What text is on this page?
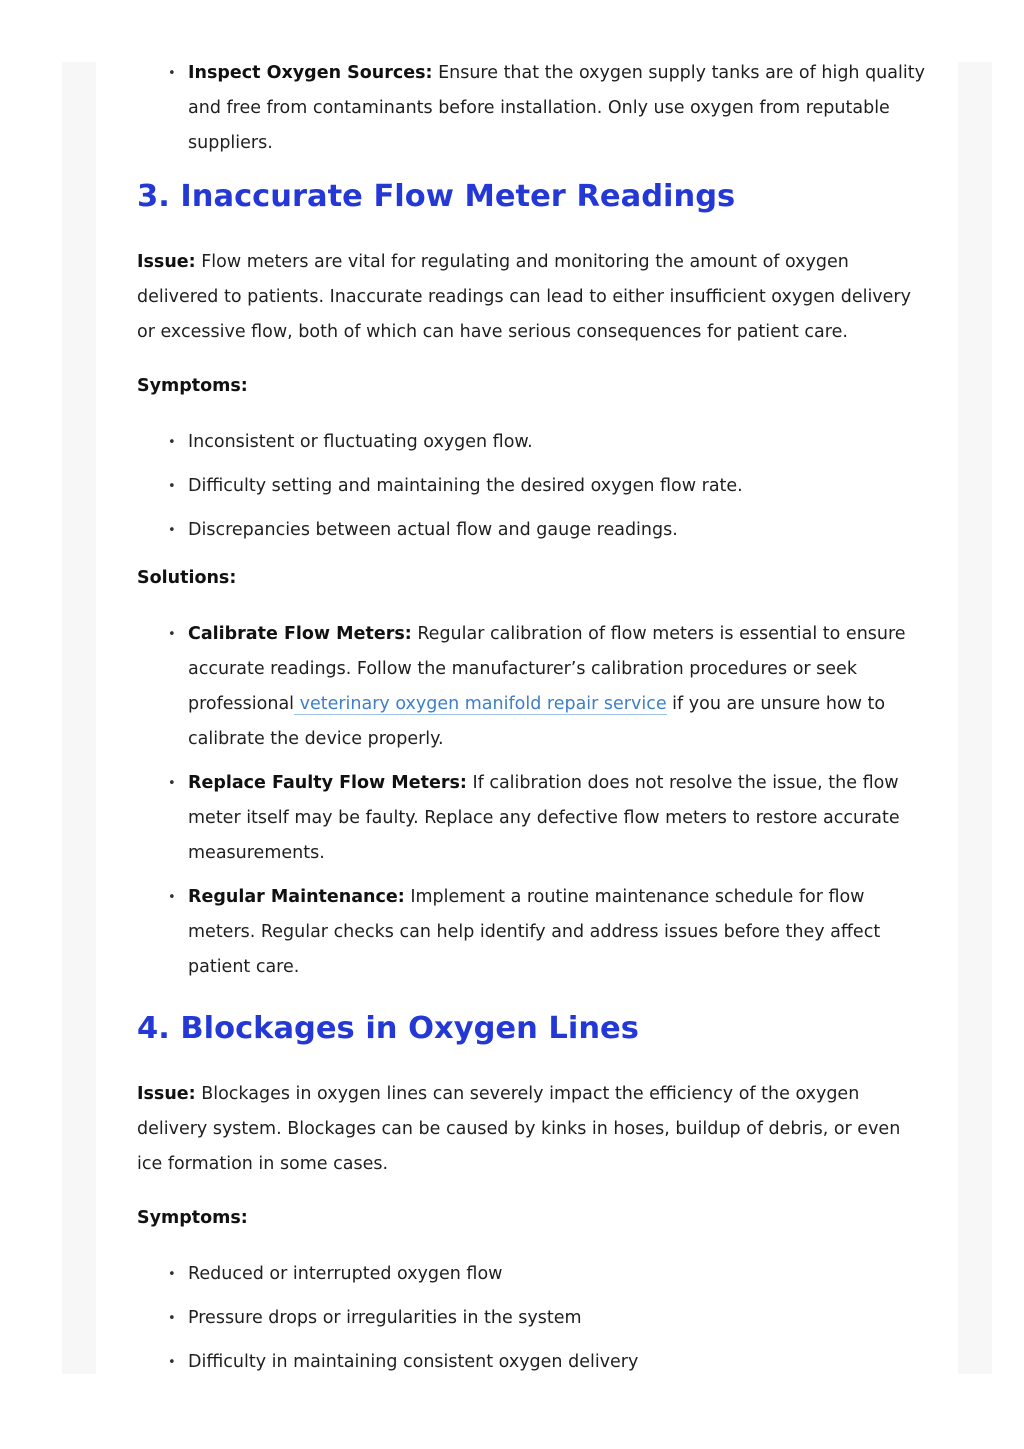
• Inspect Oxygen Sources: Ensure that the oxygen supply tanks are of high quality and free from contaminants before installation. Only use oxygen from reputable suppliers.
3. Inaccurate Flow Meter Readings

Issue: Flow meters are vital for regulating and monitoring the amount of oxygen delivered to patients. Inaccurate readings can lead to either insufficient oxygen delivery or excessive flow, both of which can have serious consequences for patient care.

Symptoms:

• Inconsistent or fluctuating oxygen flow.
• Difficulty setting and maintaining the desired oxygen flow rate.
• Discrepancies between actual flow and gauge readings.

Solutions:

• Calibrate Flow Meters: Regular calibration of flow meters is essential to ensure accurate readings. Follow the manufacturer’s calibration procedures or seek professional veterinary oxygen manifold repair service if you are unsure how to calibrate the device properly.
• Replace Faulty Flow Meters: If calibration does not resolve the issue, the flow meter itself may be faulty. Replace any defective flow meters to restore accurate measurements.
• Regular Maintenance: Implement a routine maintenance schedule for flow meters. Regular checks can help identify and address issues before they affect patient care.
4. Blockages in Oxygen Lines

Issue: Blockages in oxygen lines can severely impact the efficiency of the oxygen delivery system. Blockages can be caused by kinks in hoses, buildup of debris, or even ice formation in some cases.

Symptoms:

• Reduced or interrupted oxygen flow
• Pressure drops or irregularities in the system
• Difficulty in maintaining consistent oxygen delivery
